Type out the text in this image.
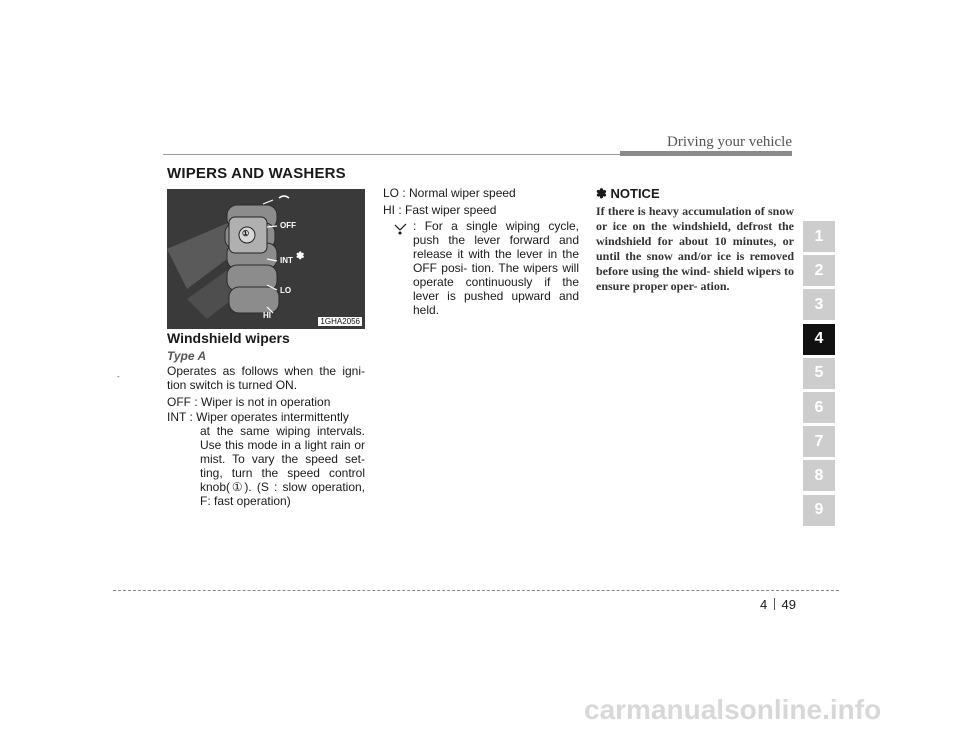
Driving your vehicle
WIPERS AND WASHERS
①
OFF
INT ✽
LO
HI
1GHA2056
Windshield wipers
Type A
Operates as follows when the igni- tion switch is turned ON.
OFF : Wiper is not in operation
INT : Wiper operates intermittently
at the same wiping intervals. Use this mode in a light rain or mist. To vary the speed set- ting, turn the speed control knob(①). (S : slow operation, F: fast operation)
LO : Normal wiper speed
HI : Fast wiper speed
: For a single wiping cycle, push the lever forward and release it with the lever in the OFF posi- tion. The wipers will operate continuously if the lever is pushed upward and held.
✽ NOTICE
If there is heavy accumulation of snow or ice on the windshield, defrost the windshield for about 10 minutes, or until the snow and/or ice is removed before using the wind- shield wipers to ensure proper oper- ation.
1
2
3
4
5
6
7
8
9
-
4 49
carmanualsonline.info
